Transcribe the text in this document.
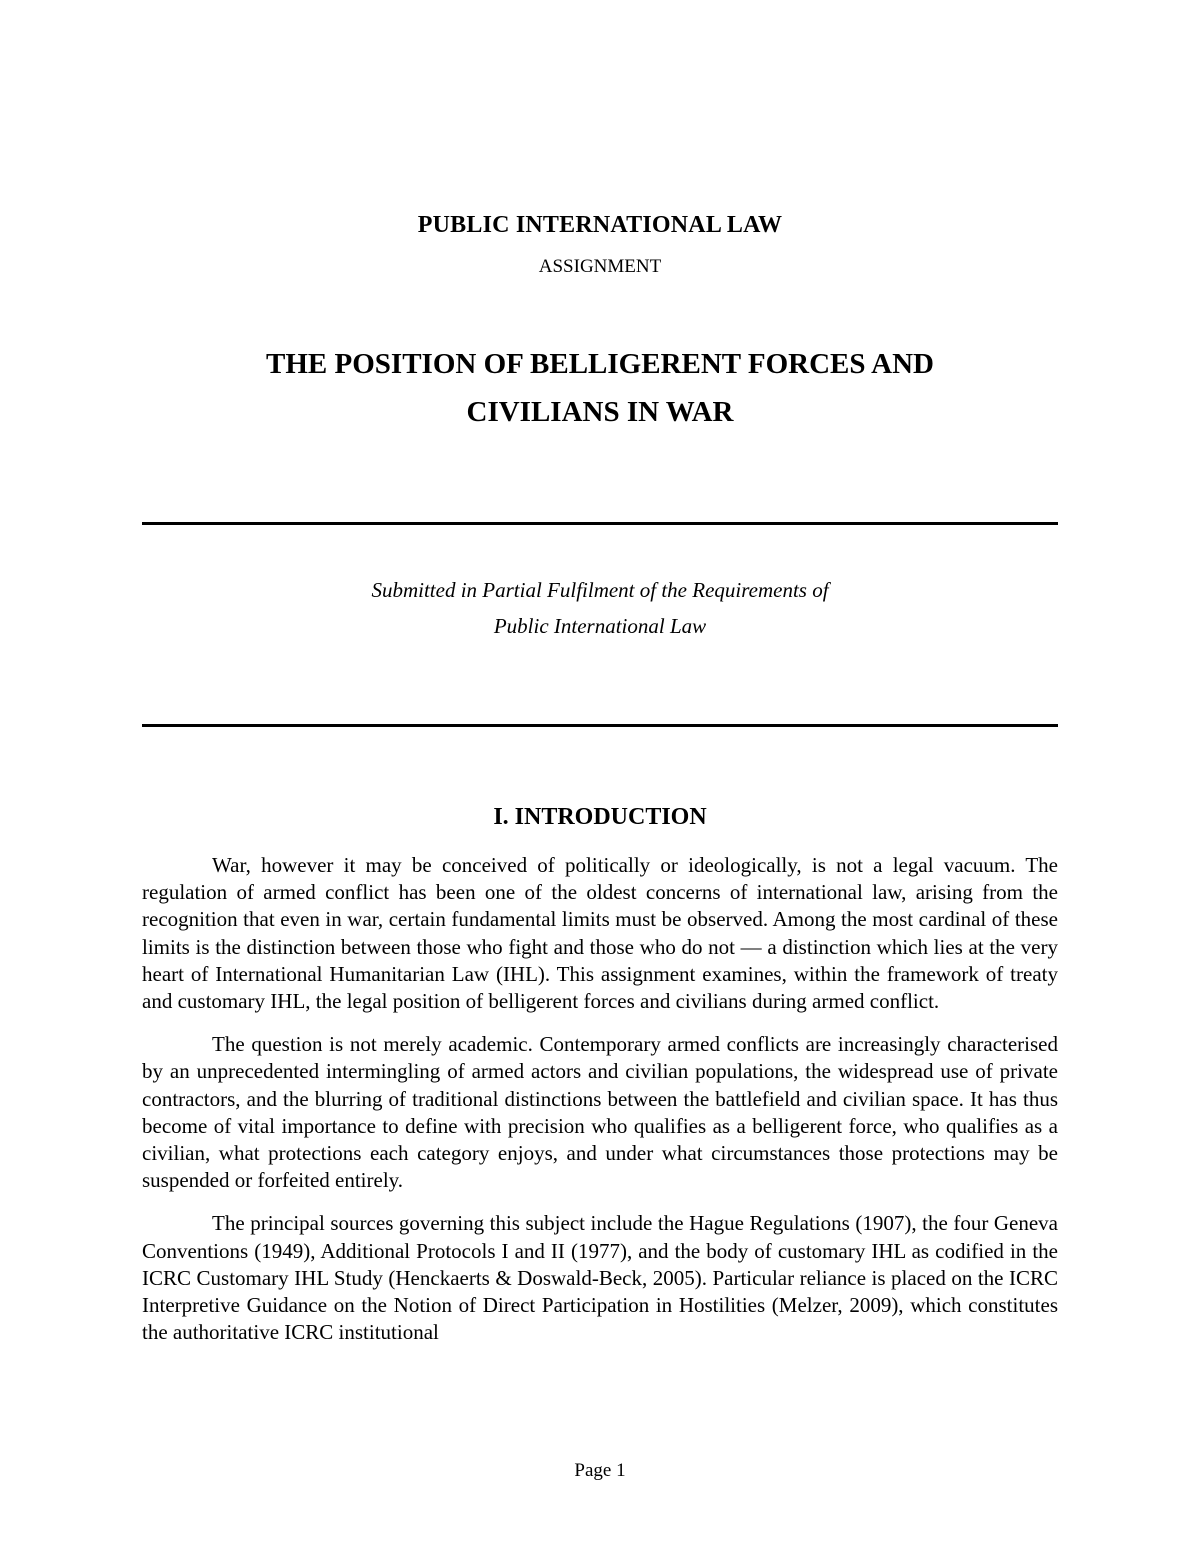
PUBLIC INTERNATIONAL LAW
ASSIGNMENT
THE POSITION OF BELLIGERENT FORCES AND
CIVILIANS IN WAR
Submitted in Partial Fulfilment of the Requirements of
Public International Law
I. INTRODUCTION

War, however it may be conceived of politically or ideologically, is not a legal vacuum. The regulation of armed conflict has been one of the oldest concerns of international law, arising from the recognition that even in war, certain fundamental limits must be observed. Among the most cardinal of these limits is the distinction between those who fight and those who do not — a distinction which lies at the very heart of International Humanitarian Law (IHL). This assignment examines, within the framework of treaty and customary IHL, the legal position of belligerent forces and civilians during armed conflict.

The question is not merely academic. Contemporary armed conflicts are increasingly characterised by an unprecedented intermingling of armed actors and civilian populations, the widespread use of private contractors, and the blurring of traditional distinctions between the battlefield and civilian space. It has thus become of vital importance to define with precision who qualifies as a belligerent force, who qualifies as a civilian, what protections each category enjoys, and under what circumstances those protections may be suspended or forfeited entirely.

The principal sources governing this subject include the Hague Regulations (1907), the four Geneva Conventions (1949), Additional Protocols I and II (1977), and the body of customary IHL as codified in the ICRC Customary IHL Study (Henckaerts & Doswald-Beck, 2005). Particular reliance is placed on the ICRC Interpretive Guidance on the Notion of Direct Participation in Hostilities (Melzer, 2009), which constitutes the authoritative ICRC institutional

Page 1
